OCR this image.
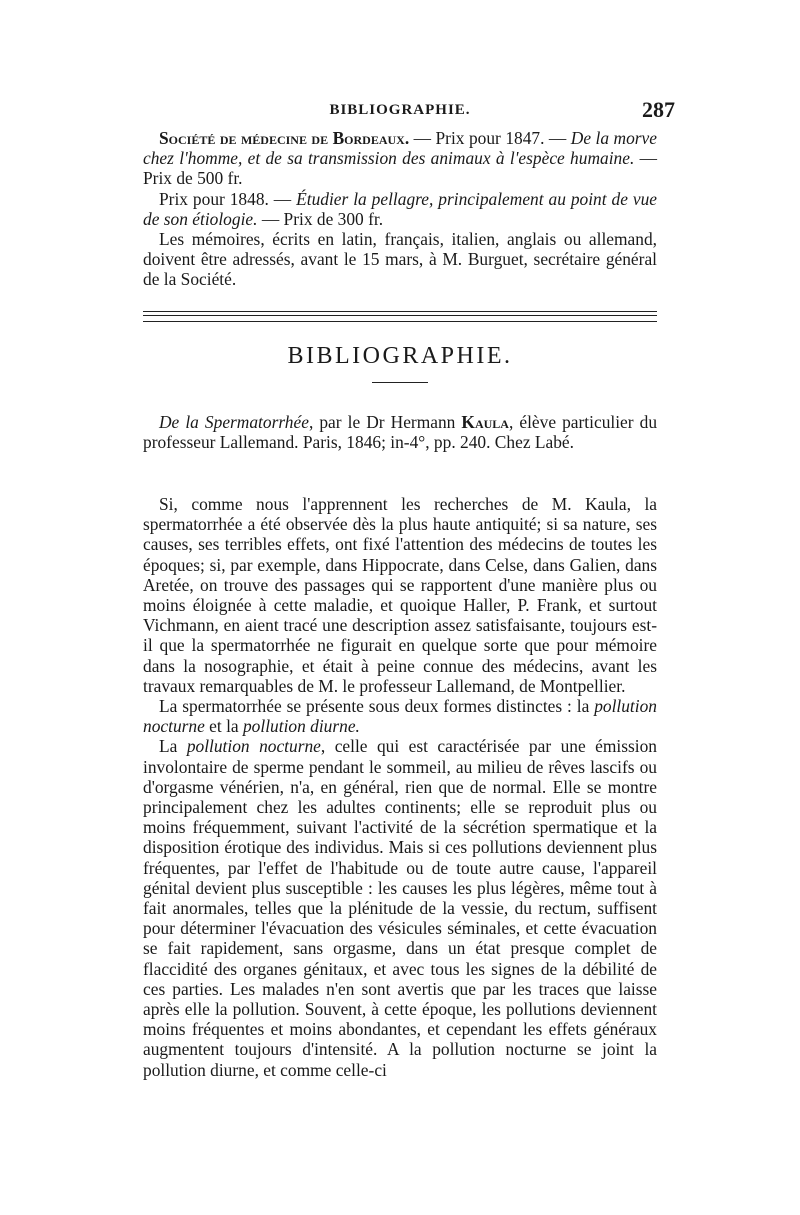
BIBLIOGRAPHIE.	287

Société de médecine de Bordeaux. — Prix pour 1847. — De la morve chez l'homme, et de sa transmission des animaux à l'espèce humaine. — Prix de 500 fr.

Prix pour 1848. — Étudier la pellagre, principalement au point de vue de son étiologie. — Prix de 300 fr.

Les mémoires, écrits en latin, français, italien, anglais ou allemand, doivent être adressés, avant le 15 mars, à M. Burguet, secrétaire général de la Société.

BIBLIOGRAPHIE.

De la Spermatorrhée, par le Dr Hermann Kaula, élève particulier du professeur Lallemand. Paris, 1846; in-4°, pp. 240. Chez Labé.

Si, comme nous l'apprennent les recherches de M. Kaula, la spermatorrhée a été observée dès la plus haute antiquité; si sa nature, ses causes, ses terribles effets, ont fixé l'attention des médecins de toutes les époques; si, par exemple, dans Hippocrate, dans Celse, dans Galien, dans Aretée, on trouve des passages qui se rapportent d'une manière plus ou moins éloignée à cette maladie, et quoique Haller, P. Frank, et surtout Vichmann, en aient tracé une description assez satisfaisante, toujours est-il que la spermatorrhée ne figurait en quelque sorte que pour mémoire dans la nosographie, et était à peine connue des médecins, avant les travaux remarquables de M. le professeur Lallemand, de Montpellier.

La spermatorrhée se présente sous deux formes distinctes : la pollution nocturne et la pollution diurne.

La pollution nocturne, celle qui est caractérisée par une émission involontaire de sperme pendant le sommeil, au milieu de rêves lascifs ou d'orgasme vénérien, n'a, en général, rien que de normal. Elle se montre principalement chez les adultes continents; elle se reproduit plus ou moins fréquemment, suivant l'activité de la sécrétion spermatique et la disposition érotique des individus. Mais si ces pollutions deviennent plus fréquentes, par l'effet de l'habitude ou de toute autre cause, l'appareil génital devient plus susceptible : les causes les plus légères, même tout à fait anormales, telles que la plénitude de la vessie, du rectum, suffisent pour déterminer l'évacuation des vésicules séminales, et cette évacuation se fait rapidement, sans orgasme, dans un état presque complet de flaccidité des organes génitaux, et avec tous les signes de la débilité de ces parties. Les malades n'en sont avertis que par les traces que laisse après elle la pollution. Souvent, à cette époque, les pollutions deviennent moins fréquentes et moins abondantes, et cependant les effets généraux augmentent toujours d'intensité. A la pollution nocturne se joint la pollution diurne, et comme celle-ci
